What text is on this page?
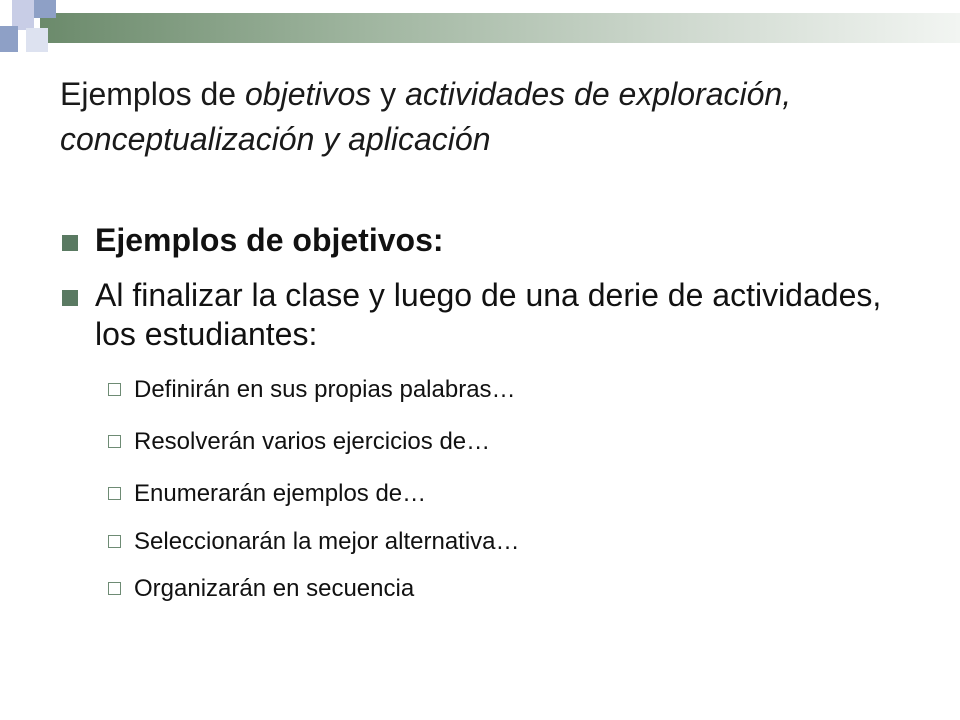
Ejemplos de objetivos y actividades de exploración, conceptualización y aplicación
Ejemplos de objetivos:
Al finalizar la clase y luego de una derie de actividades, los estudiantes:
Definirán en sus propias palabras…
Resolverán varios ejercicios de…
Enumerarán ejemplos de…
Seleccionarán la mejor alternativa…
Organizarán en secuencia
